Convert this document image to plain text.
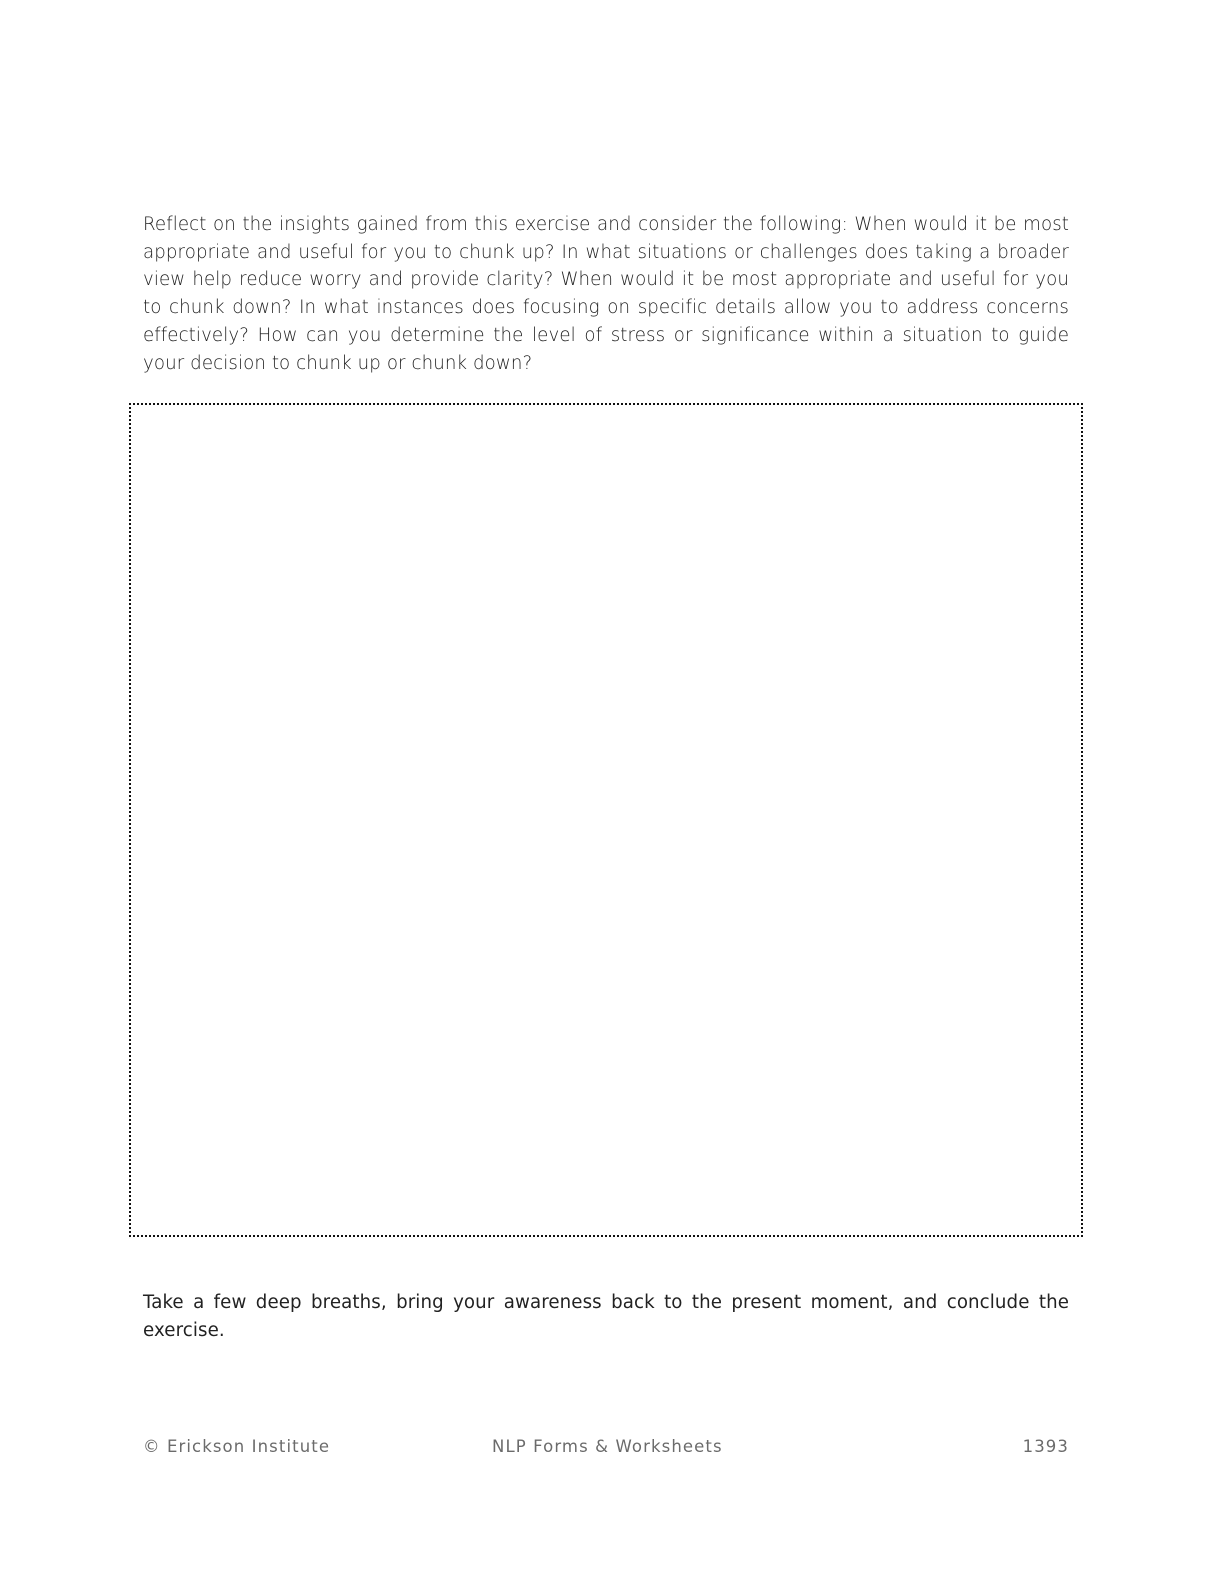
Reflect on the insights gained from this exercise and consider the following: When would it be most appropriate and useful for you to chunk up? In what situations or challenges does taking a broader view help reduce worry and provide clarity? When would it be most appropriate and useful for you to chunk down? In what instances does focusing on specific details allow you to address concerns effectively? How can you determine the level of stress or significance within a situation to guide your decision to chunk up or chunk down?

Take a few deep breaths, bring your awareness back to the present moment, and conclude the exercise.

© Erickson Institute	NLP Forms & Worksheets	1393
